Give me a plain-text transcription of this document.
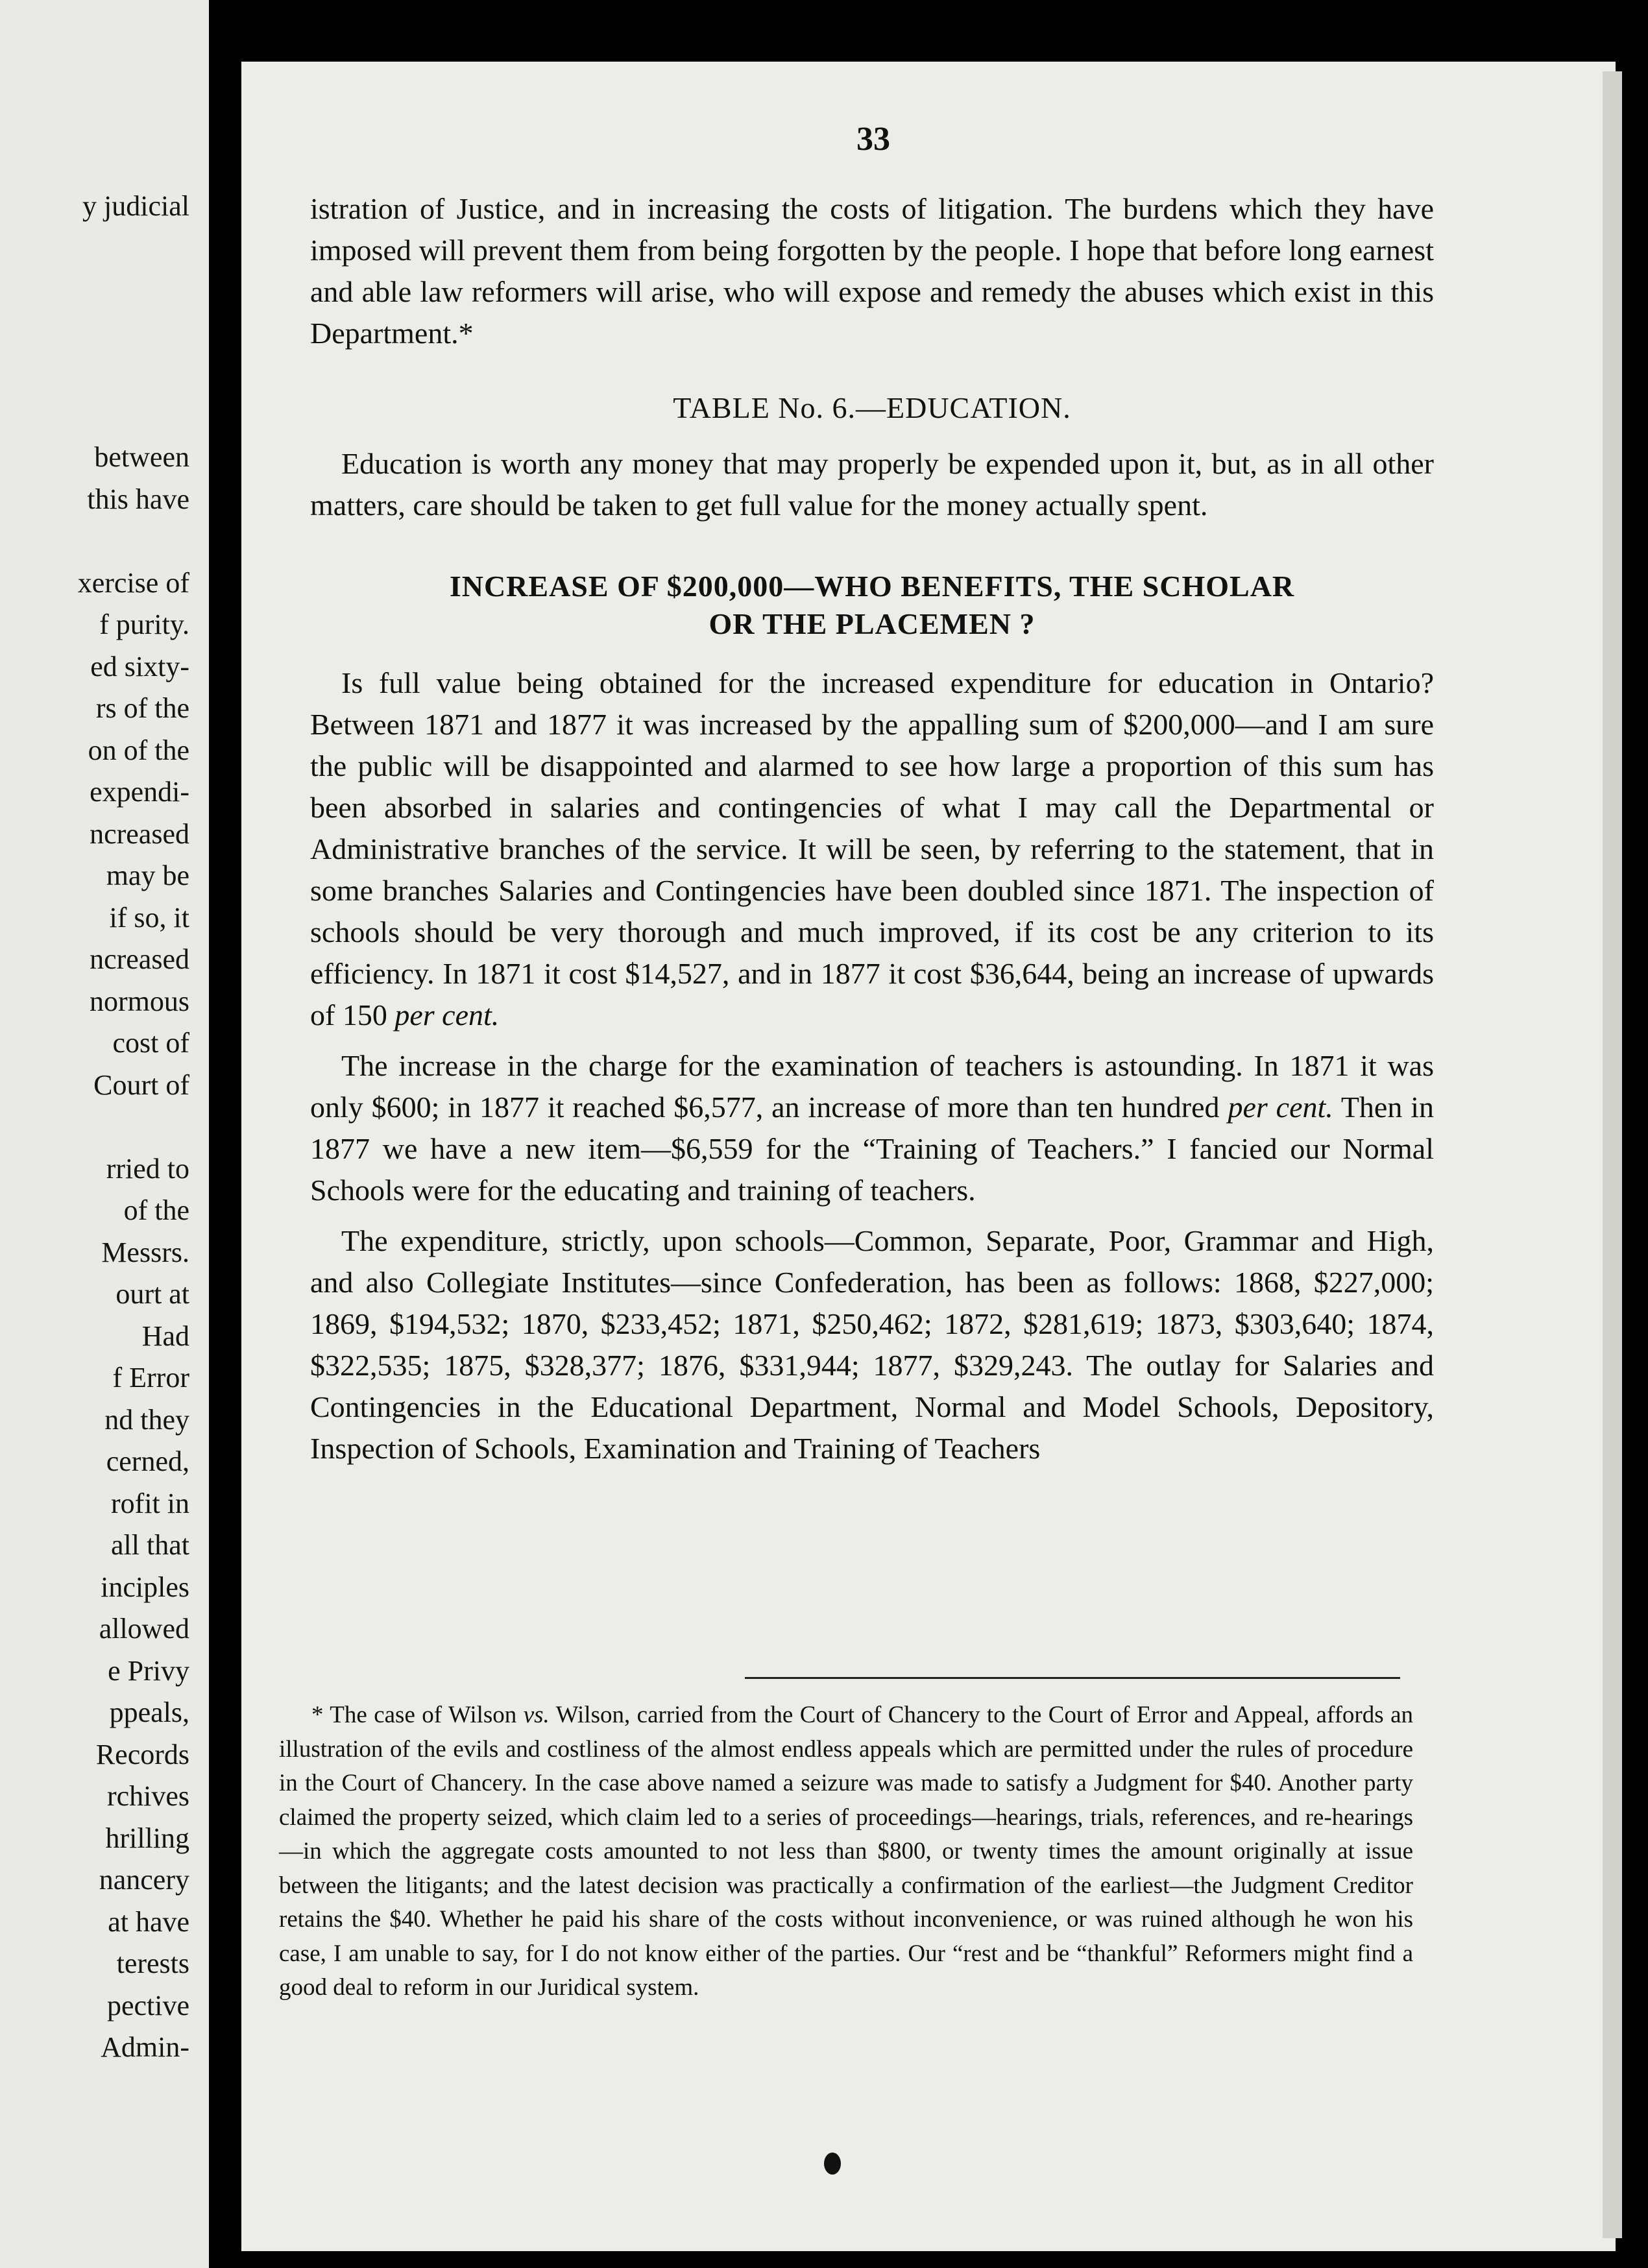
y judicial
between
this have
xercise of
f purity.
ed sixty-
rs of the
on of the
expendi-
ncreased
may be
if so, it
ncreased
normous
cost of
Court of
rried to
of the
Messrs.
ourt at
Had
f Error
nd they
cerned,
rofit in
all that
inciples
allowed
e Privy
ppeals,
Records
rchives
hrilling
nancery
at have
terests
pective
Admin-
33

istration of Justice, and in increasing the costs of litigation. The burdens which they have imposed will prevent them from being forgotten by the people. I hope that before long earnest and able law reformers will arise, who will expose and remedy the abuses which exist in this Department.*

TABLE No. 6.—EDUCATION.

Education is worth any money that may properly be expended upon it, but, as in all other matters, care should be taken to get full value for the money actually spent.

INCREASE OF $200,000—WHO BENEFITS, THE SCHOLAR
OR THE PLACEMEN ?

Is full value being obtained for the increased expenditure for education in Ontario? Between 1871 and 1877 it was increased by the appalling sum of $200,000—and I am sure the public will be disappointed and alarmed to see how large a proportion of this sum has been absorbed in salaries and contingencies of what I may call the Departmental or Administrative branches of the service. It will be seen, by referring to the statement, that in some branches Salaries and Contingencies have been doubled since 1871. The inspection of schools should be very thorough and much improved, if its cost be any criterion to its efficiency. In 1871 it cost $14,527, and in 1877 it cost $36,644, being an increase of upwards of 150 per cent.

The increase in the charge for the examination of teachers is astounding. In 1871 it was only $600; in 1877 it reached $6,577, an increase of more than ten hundred per cent. Then in 1877 we have a new item—$6,559 for the “Training of Teachers.” I fancied our Normal Schools were for the educating and training of teachers.

The expenditure, strictly, upon schools—Common, Separate, Poor, Grammar and High, and also Collegiate Institutes—since Confederation, has been as follows: 1868, $227,000; 1869, $194,532; 1870, $233,452; 1871, $250,462; 1872, $281,619; 1873, $303,640; 1874, $322,535; 1875, $328,377; 1876, $331,944; 1877, $329,243. The outlay for Salaries and Contingencies in the Educational Department, Normal and Model Schools, Depository, Inspection of Schools, Examination and Training of Teachers

* The case of Wilson vs. Wilson, carried from the Court of Chancery to the Court of Error and Appeal, affords an illustration of the evils and costliness of the almost endless appeals which are permitted under the rules of procedure in the Court of Chancery. In the case above named a seizure was made to satisfy a Judgment for $40. Another party claimed the property seized, which claim led to a series of proceedings—hearings, trials, references, and re-hearings—in which the aggregate costs amounted to not less than $800, or twenty times the amount originally at issue between the litigants; and the latest decision was practically a confirmation of the earliest—the Judgment Creditor retains the $40. Whether he paid his share of the costs without inconvenience, or was ruined although he won his case, I am unable to say, for I do not know either of the parties. Our “rest and be “thankful” Reformers might find a good deal to reform in our Juridical system.
